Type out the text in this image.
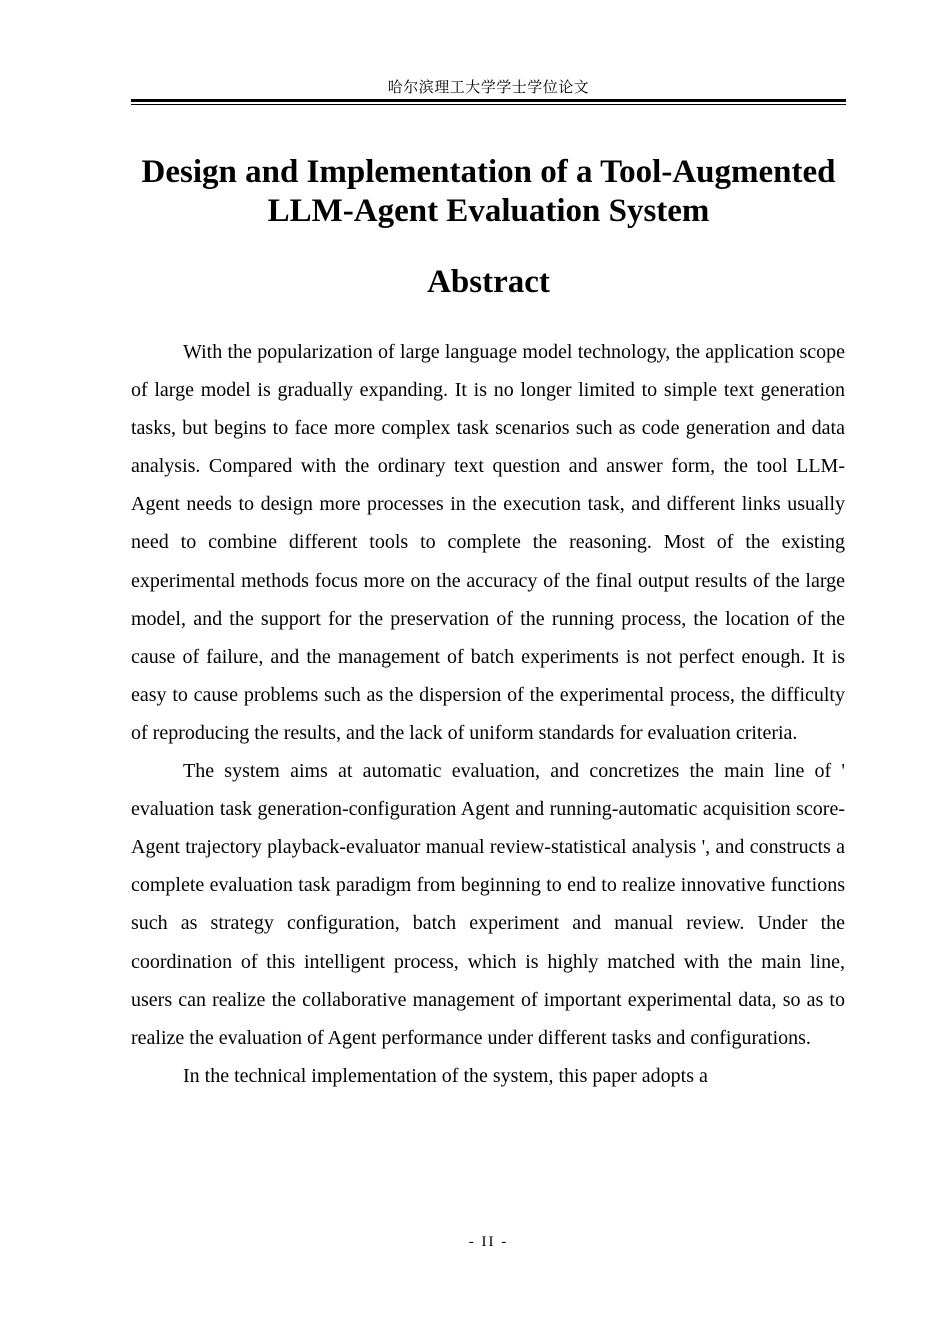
哈尔滨理工大学学士学位论文
Design and Implementation of a Tool-Augmented
LLM-Agent Evaluation System
Abstract

With the popularization of large language model technology, the application scope of large model is gradually expanding. It is no longer limited to simple text generation tasks, but begins to face more complex task scenarios such as code generation and data analysis. Compared with the ordinary text question and answer form, the tool LLM-Agent needs to design more processes in the execution task, and different links usually need to combine different tools to complete the reasoning. Most of the existing experimental methods focus more on the accuracy of the final output results of the large model, and the support for the preservation of the running process, the location of the cause of failure, and the management of batch experiments is not perfect enough. It is easy to cause problems such as the dispersion of the experimental process, the difficulty of reproducing the results, and the lack of uniform standards for evaluation criteria.

The system aims at automatic evaluation, and concretizes the main line of ' evaluation task generation-configuration Agent and running-automatic acquisition score-Agent trajectory playback-evaluator manual review-statistical analysis ', and constructs a complete evaluation task paradigm from beginning to end to realize innovative functions such as strategy configuration, batch experiment and manual review. Under the coordination of this intelligent process, which is highly matched with the main line, users can realize the collaborative management of important experimental data, so as to realize the evaluation of Agent performance under different tasks and configurations.

In the technical implementation of the system, this paper adopts a

- II -
